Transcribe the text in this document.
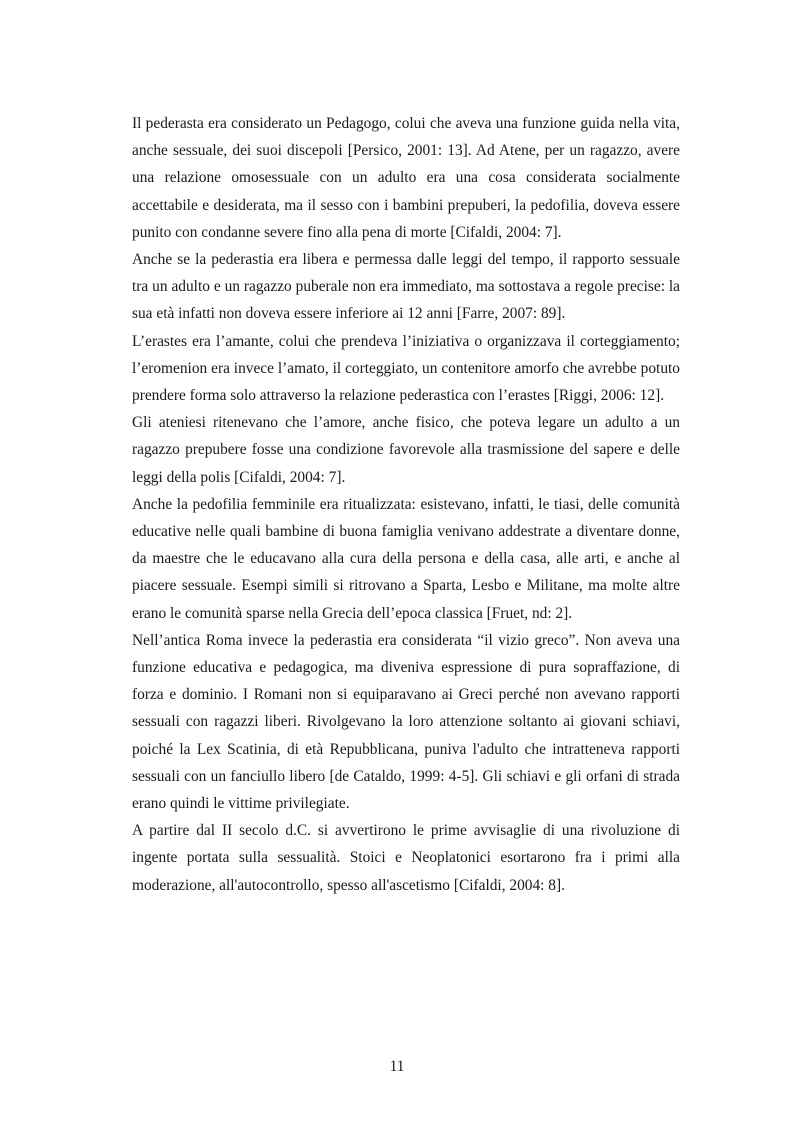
Il pederasta era considerato un Pedagogo, colui che aveva una funzione guida nella vita, anche sessuale, dei suoi discepoli [Persico, 2001: 13]. Ad Atene, per un ragazzo, avere una relazione omosessuale con un adulto era una cosa considerata socialmente accettabile e desiderata, ma il sesso con i bambini prepuberi, la pedofilia, doveva essere punito con condanne severe fino alla pena di morte [Cifaldi, 2004: 7].

Anche se la pederastia era libera e permessa dalle leggi del tempo, il rapporto sessuale tra un adulto e un ragazzo puberale non era immediato, ma sottostava a regole precise: la sua età infatti non doveva essere inferiore ai 12 anni [Farre, 2007: 89].

L’erastes era l’amante, colui che prendeva l’iniziativa o organizzava il corteggiamento; l’eromenion era invece l’amato, il corteggiato, un contenitore amorfo che avrebbe potuto prendere forma solo attraverso la relazione pederastica con l’erastes [Riggi, 2006: 12].

Gli ateniesi ritenevano che l’amore, anche fisico, che poteva legare un adulto a un ragazzo prepubere fosse una condizione favorevole alla trasmissione del sapere e delle leggi della polis [Cifaldi, 2004: 7].

Anche la pedofilia femminile era ritualizzata: esistevano, infatti, le tiasi, delle comunità educative nelle quali bambine di buona famiglia venivano addestrate a diventare donne, da maestre che le educavano alla cura della persona e della casa, alle arti, e anche al piacere sessuale. Esempi simili si ritrovano a Sparta, Lesbo e Militane, ma molte altre erano le comunità sparse nella Grecia dell’epoca classica [Fruet, nd: 2].

Nell’antica Roma invece la pederastia era considerata “il vizio greco”. Non aveva una funzione educativa e pedagogica, ma diveniva espressione di pura sopraffazione, di forza e dominio. I Romani non si equiparavano ai Greci perché non avevano rapporti sessuali con ragazzi liberi. Rivolgevano la loro attenzione soltanto ai giovani schiavi, poiché la Lex Scatinia, di età Repubblicana, puniva l'adulto che intratteneva rapporti sessuali con un fanciullo libero [de Cataldo, 1999: 4-5]. Gli schiavi e gli orfani di strada erano quindi le vittime privilegiate.

A partire dal II secolo d.C. si avvertirono le prime avvisaglie di una rivoluzione di ingente portata sulla sessualità. Stoici e Neoplatonici esortarono fra i primi alla moderazione, all'autocontrollo, spesso all'ascetismo [Cifaldi, 2004: 8].

11
